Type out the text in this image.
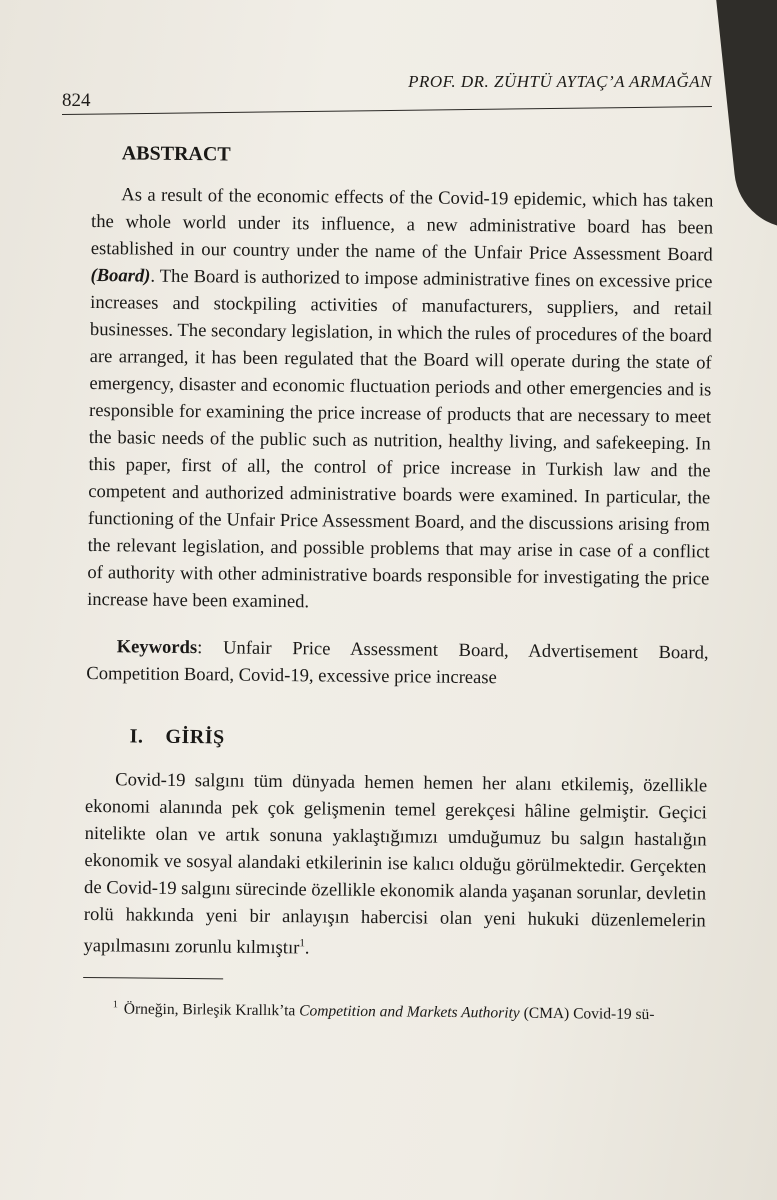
824
PROF. DR. ZÜHTÜ AYTAÇ’A ARMAĞAN
ABSTRACT

As a result of the economic effects of the Covid-19 epidemic, which has taken the whole world under its influence, a new administrative board has been established in our country under the name of the Unfair Price Assessment Board (Board). The Board is authorized to impose administrative fines on excessive price increases and stockpiling activities of manufacturers, suppliers, and retail businesses. The secondary legislation, in which the rules of procedures of the board are arranged, it has been regulated that the Board will operate during the state of emergency, disaster and economic fluctuation periods and other emergencies and is responsible for examining the price increase of products that are necessary to meet the basic needs of the public such as nutrition, healthy living, and safekeeping. In this paper, first of all, the control of price increase in Turkish law and the competent and authorized administrative boards were examined. In particular, the functioning of the Unfair Price Assessment Board, and the discussions arising from the relevant legislation, and possible problems that may arise in case of a conflict of authority with other administrative boards responsible for investigating the price increase have been examined.

Keywords: Unfair Price Assessment Board, Advertisement Board, Competition Board, Covid-19, excessive price increase

I. GİRİŞ

Covid-19 salgını tüm dünyada hemen hemen her alanı etkilemiş, özellikle ekonomi alanında pek çok gelişmenin temel gerekçesi hâline gelmiştir. Geçici nitelikte olan ve artık sonuna yaklaştığımızı umduğumuz bu salgın hastalığın ekonomik ve sosyal alandaki etkilerinin ise kalıcı olduğu görülmektedir. Gerçekten de Covid-19 salgını sürecinde özellikle ekonomik alanda yaşanan sorunlar, devletin rolü hakkında yeni bir anlayışın habercisi olan yeni hukuki düzenlemelerin yapılmasını zorunlu kılmıştır$^1$.

$^1$ Örneğin, Birleşik Krallık’ta Competition and Markets Authority (CMA) Covid-19 sü-
